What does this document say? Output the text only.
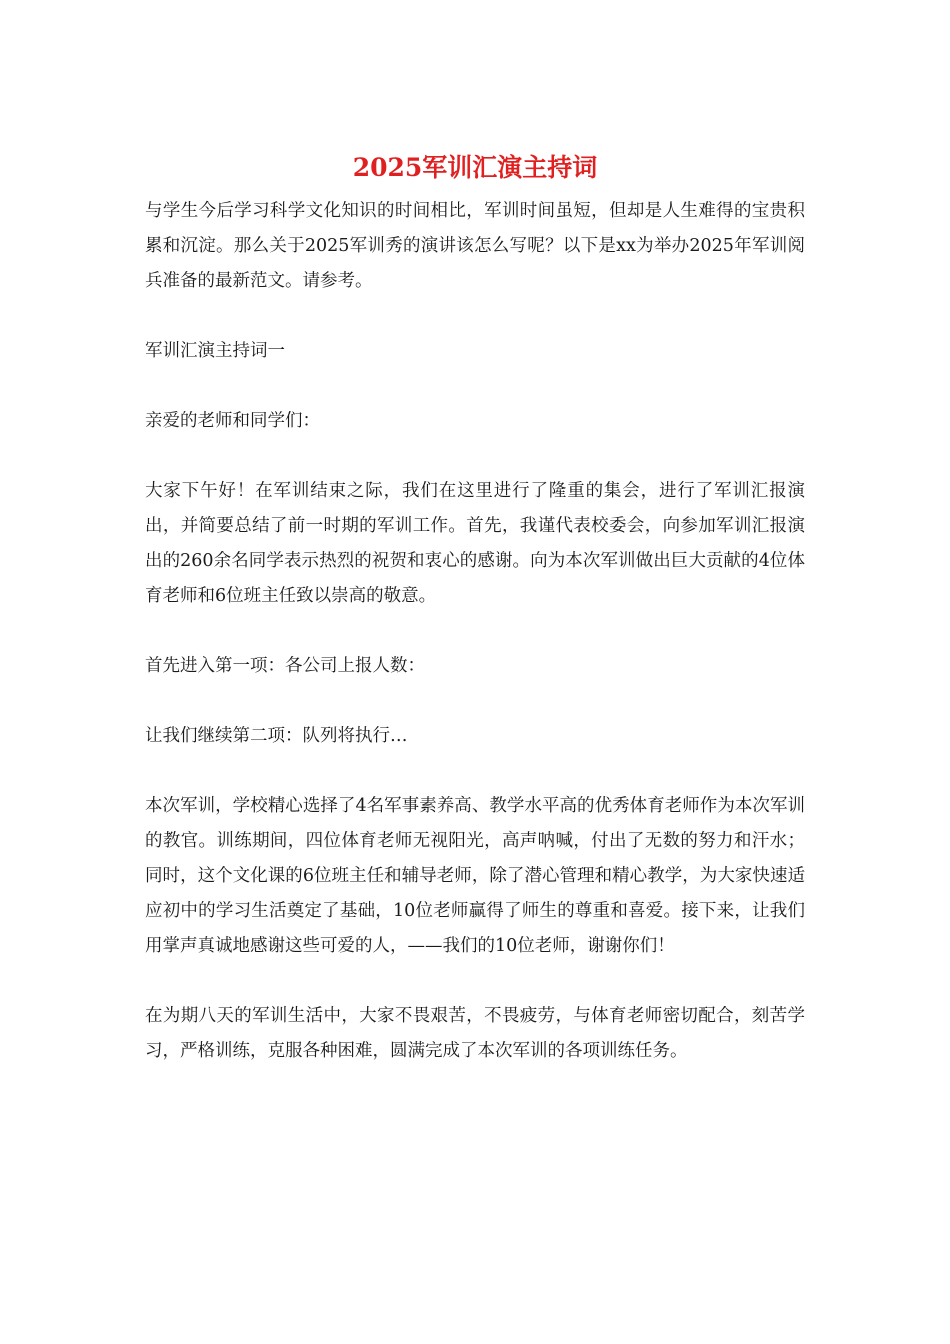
2025军训汇演主持词

与学生今后学习科学文化知识的时间相比，军训时间虽短，但却是人生难得的宝贵积累和沉淀。那么关于2025军训秀的演讲该怎么写呢？以下是xx为举办2025年军训阅兵准备的最新范文。请参考。

军训汇演主持词一

亲爱的老师和同学们：

大家下午好！在军训结束之际，我们在这里进行了隆重的集会，进行了军训汇报演出，并简要总结了前一时期的军训工作。首先，我谨代表校委会，向参加军训汇报演出的260余名同学表示热烈的祝贺和衷心的感谢。向为本次军训做出巨大贡献的4位体育老师和6位班主任致以崇高的敬意。

首先进入第一项：各公司上报人数：

让我们继续第二项：队列将执行…

本次军训，学校精心选择了4名军事素养高、教学水平高的优秀体育老师作为本次军训的教官。训练期间，四位体育老师无视阳光，高声呐喊，付出了无数的努力和汗水；同时，这个文化课的6位班主任和辅导老师，除了潜心管理和精心教学，为大家快速适应初中的学习生活奠定了基础，10位老师赢得了师生的尊重和喜爱。接下来，让我们用掌声真诚地感谢这些可爱的人，——我们的10位老师，谢谢你们！

在为期八天的军训生活中，大家不畏艰苦，不畏疲劳，与体育老师密切配合，刻苦学习，严格训练，克服各种困难，圆满完成了本次军训的各项训练任务。
